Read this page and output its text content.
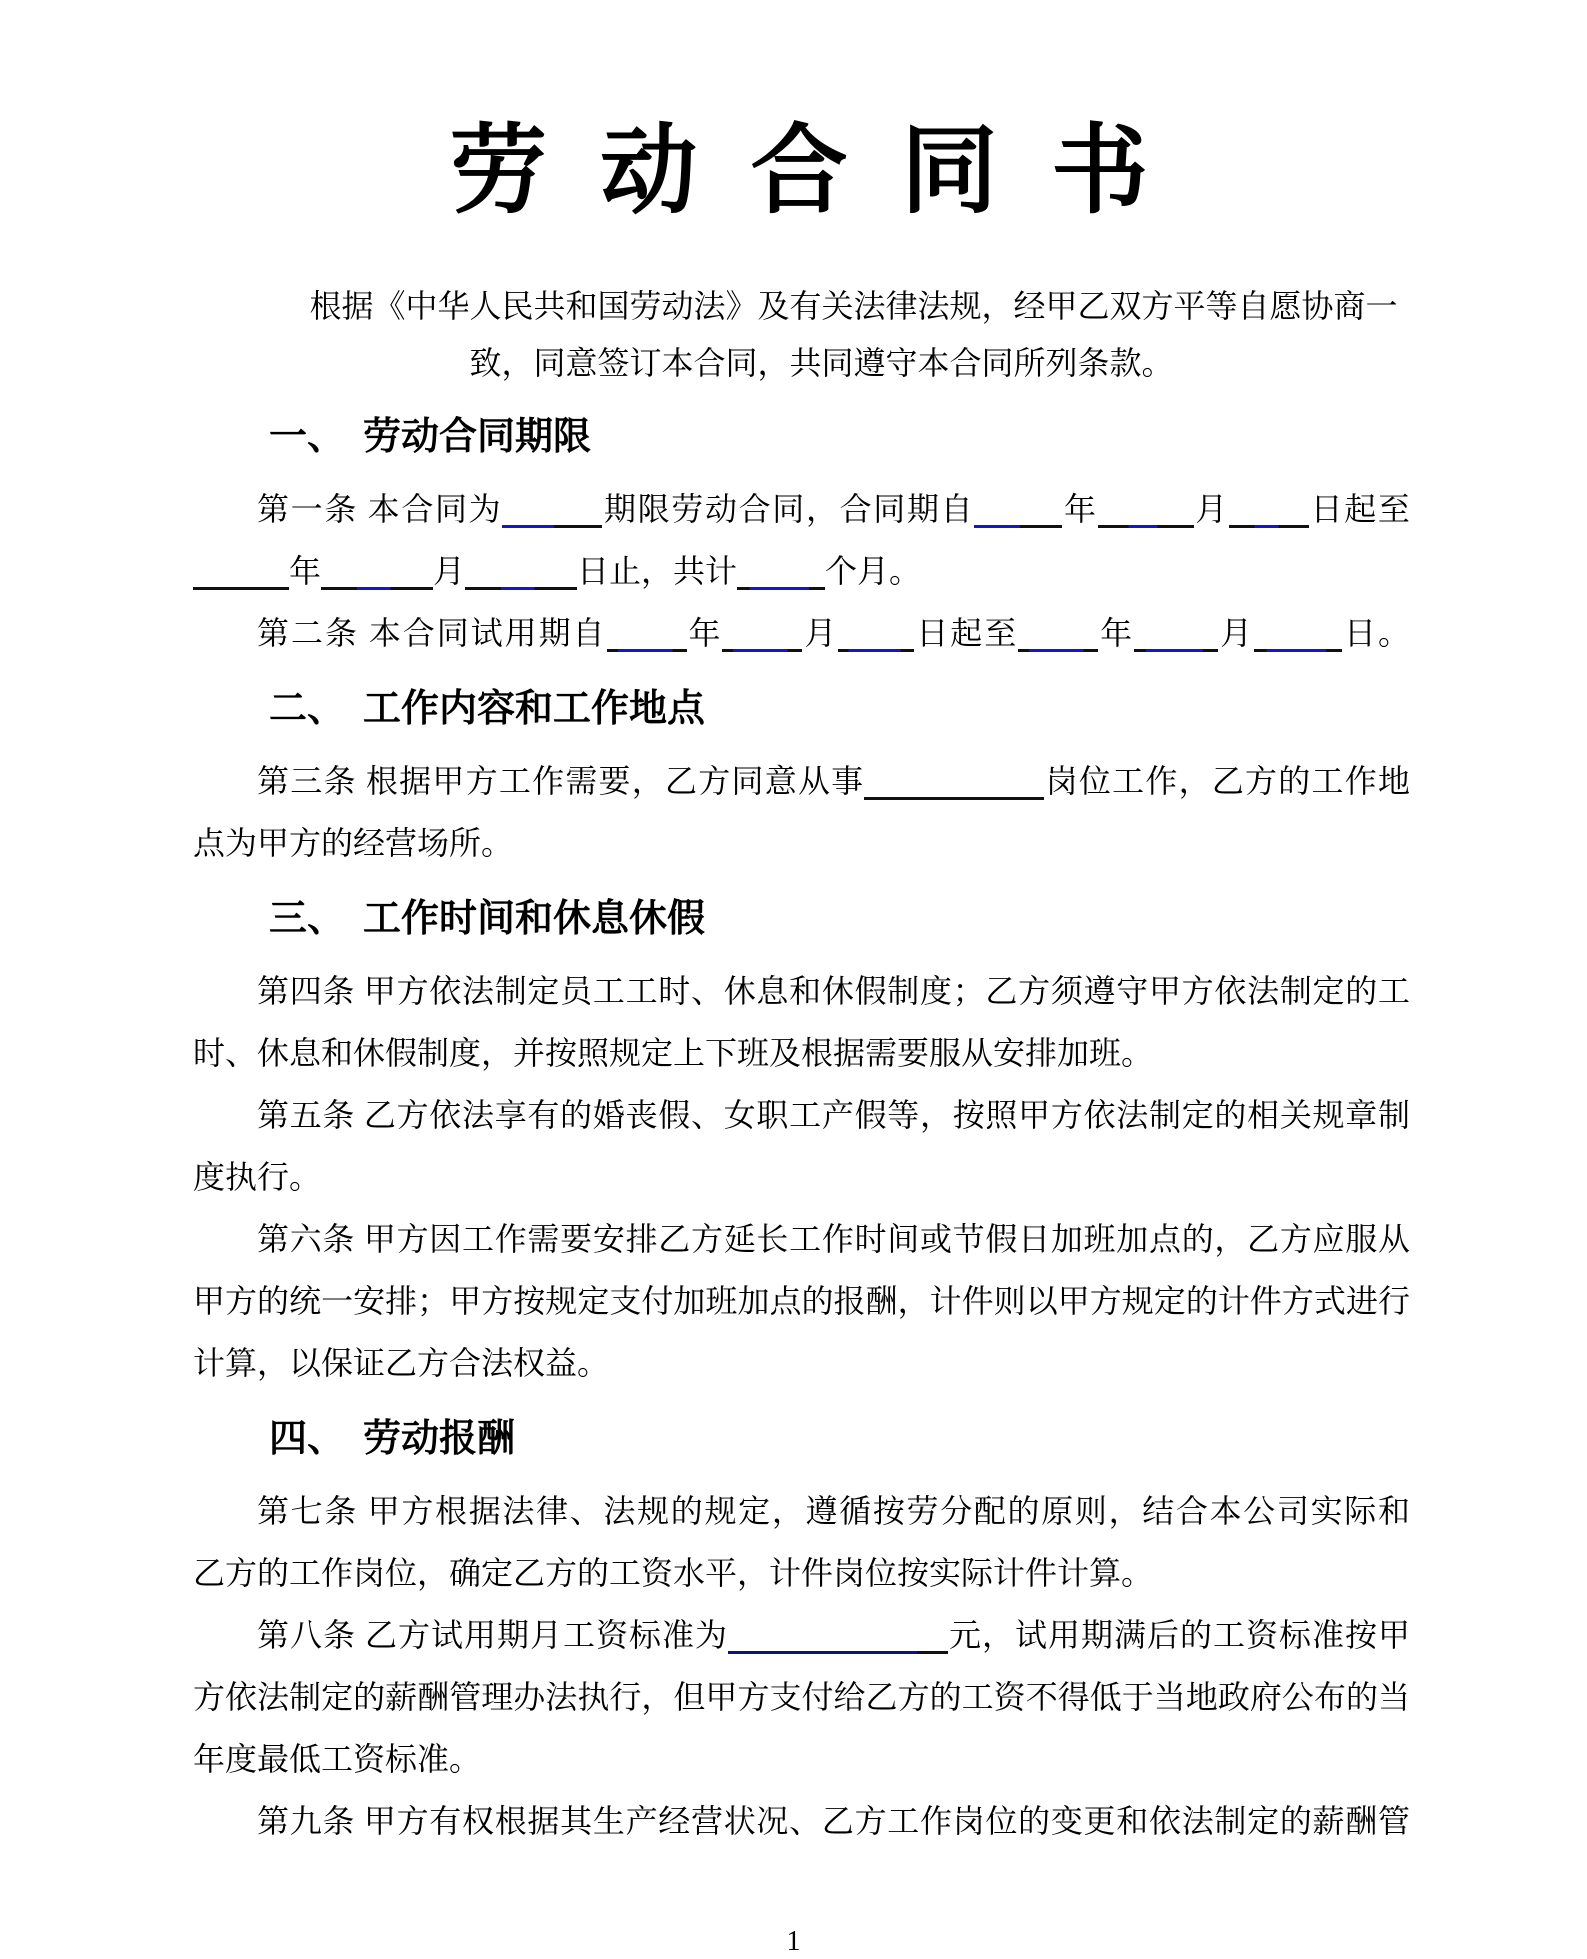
劳动合同书
根据《中华人民共和国劳动法》及有关法律法规，经甲乙双方平等自愿协商一
致，同意签订本合同，共同遵守本合同所列条款。
一、 劳动合同期限
第一条 本合同为	期限劳动合同，合同期自	年	月	日起至
年	月	日止，共计	个月。
第二条 本合同试用期自	年	月 日起至	年	月	日。
二、 工作内容和工作地点
第三条 根据甲方工作需要，乙方同意从事	岗位工作，乙方的工作地
点为甲方的经营场所。
三、 工作时间和休息休假
第四条 甲方依法制定员工工时、休息和休假制度；乙方须遵守甲方依法制定的工
时、休息和休假制度，并按照规定上下班及根据需要服从安排加班。
第五条 乙方依法享有的婚丧假、女职工产假等，按照甲方依法制定的相关规章制
度执行。
第六条 甲方因工作需要安排乙方延长工作时间或节假日加班加点的，乙方应服从
甲方的统一安排；甲方按规定支付加班加点的报酬，计件则以甲方规定的计件方式进行
计算，以保证乙方合法权益。
四、 劳动报酬
第七条 甲方根据法律、法规的规定，遵循按劳分配的原则，结合本公司实际和
乙方的工作岗位，确定乙方的工资水平，计件岗位按实际计件计算。
第八条 乙方试用期月工资标准为	元，试用期满后的工资标准按甲
方依法制定的薪酬管理办法执行，但甲方支付给乙方的工资不得低于当地政府公布的当
年度最低工资标准。
第九条 甲方有权根据其生产经营状况、乙方工作岗位的变更和依法制定的薪酬管
1
